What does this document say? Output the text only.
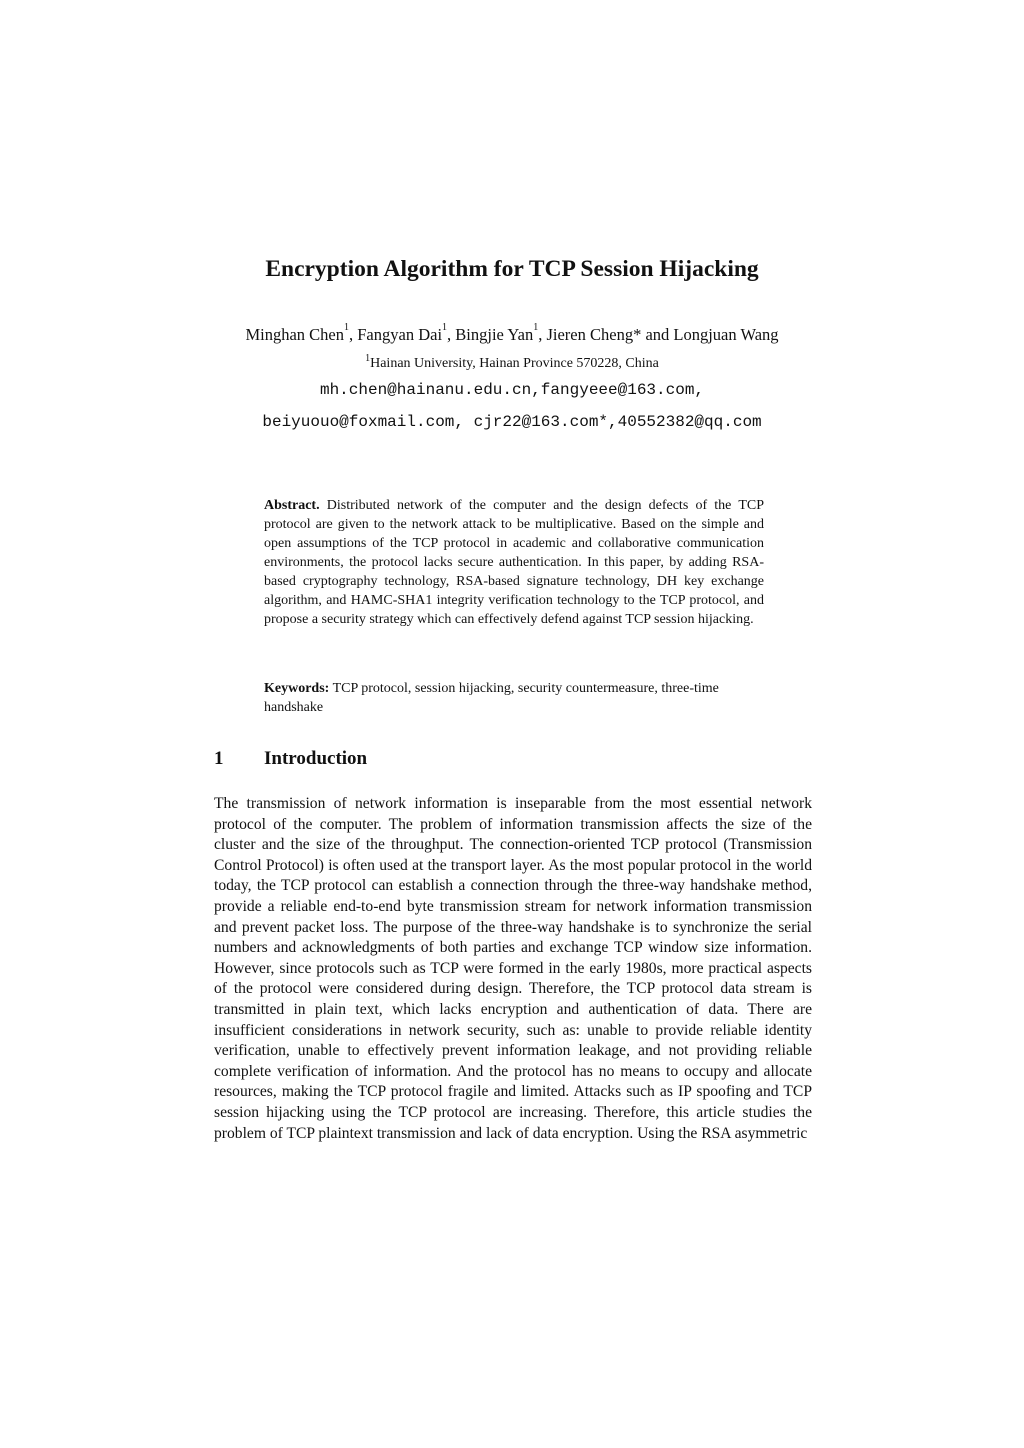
Encryption Algorithm for TCP Session Hijacking
Minghan Chen$^1$, Fangyan Dai$^1$, Bingjie Yan$^1$, Jieren Cheng* and Longjuan Wang
$^1$Hainan University, Hainan Province 570228, China
mh.chen@hainanu.edu.cn,fangyeee@163.com,
beiyuouo@foxmail.com, cjr22@163.com*,40552382@qq.com
Abstract. Distributed network of the computer and the design defects of the TCP protocol are given to the network attack to be multiplicative. Based on the simple and open assumptions of the TCP protocol in academic and collaborative communication environments, the protocol lacks secure authentication. In this paper, by adding RSA-based cryptography technology, RSA-based signature technology, DH key exchange algorithm, and HAMC-SHA1 integrity verification technology to the TCP protocol, and propose a security strategy which can effectively defend against TCP session hijacking.
Keywords: TCP protocol, session hijacking, security countermeasure, three-time handshake
1 Introduction
The transmission of network information is inseparable from the most essential network protocol of the computer. The problem of information transmission affects the size of the cluster and the size of the throughput. The connection-oriented TCP protocol (Transmission Control Protocol) is often used at the transport layer. As the most popular protocol in the world today, the TCP protocol can establish a connection through the three-way handshake method, provide a reliable end-to-end byte transmission stream for network information transmission and prevent packet loss. The purpose of the three-way handshake is to synchronize the serial numbers and acknowledgments of both parties and exchange TCP window size information. However, since protocols such as TCP were formed in the early 1980s, more practical aspects of the protocol were considered during design. Therefore, the TCP protocol data stream is transmitted in plain text, which lacks encryption and authentication of data. There are insufficient considerations in network security, such as: unable to provide reliable identity verification, unable to effectively prevent information leakage, and not providing reliable complete verification of information. And the protocol has no means to occupy and allocate resources, making the TCP protocol fragile and limited. Attacks such as IP spoofing and TCP session hijacking using the TCP protocol are increasing. Therefore, this article studies the problem of TCP plaintext transmission and lack of data encryption. Using the RSA asymmetric
